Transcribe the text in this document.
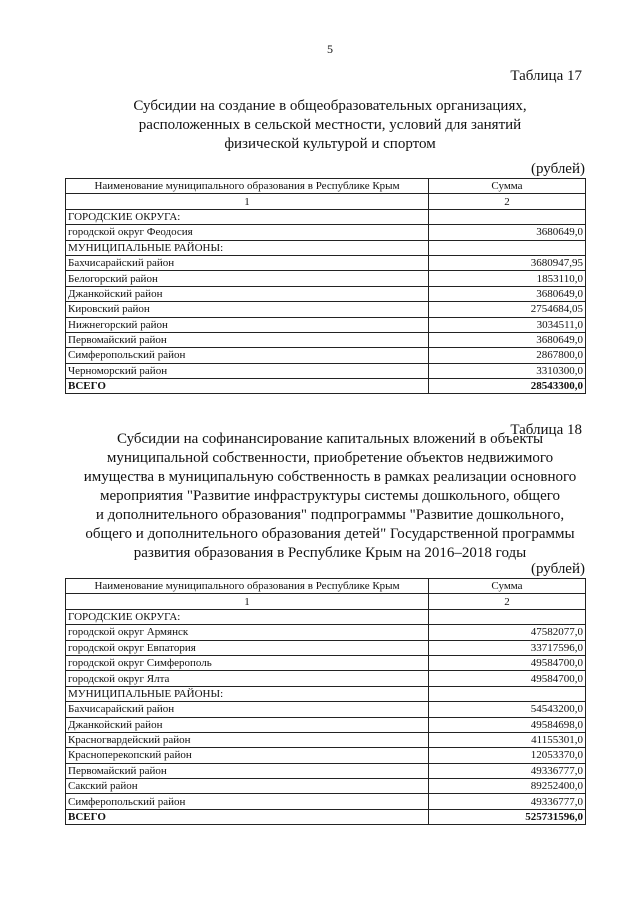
5
Таблица 17
Субсидии на создание в общеобразовательных организациях,
расположенных в сельской местности, условий для занятий
физической культурой и спортом
(рублей)
Наименование муниципального образования в Республике Крым	Сумма
1	2
ГОРОДСКИЕ ОКРУГА:	
городской округ Феодосия	3680649,0
МУНИЦИПАЛЬНЫЕ РАЙОНЫ:	
Бахчисарайский район	3680947,95
Белогорский район	1853110,0
Джанкойский район	3680649,0
Кировский район	2754684,05
Нижнегорский район	3034511,0
Первомайский район	3680649,0
Симферопольский район	2867800,0
Черноморский район	3310300,0
ВСЕГО	28543300,0
Таблица 18
Субсидии на софинансирование капитальных вложений в объекты
муниципальной собственности, приобретение объектов недвижимого
имущества в муниципальную собственность в рамках реализации основного
мероприятия "Развитие инфраструктуры системы дошкольного, общего
и дополнительного образования" подпрограммы "Развитие дошкольного,
общего и дополнительного образования детей" Государственной программы
развития образования в Республике Крым на 2016–2018 годы
(рублей)
Наименование муниципального образования в Республике Крым	Сумма
1	2
ГОРОДСКИЕ ОКРУГА:	
городской округ Армянск	47582077,0
городской округ Евпатория	33717596,0
городской округ Симферополь	49584700,0
городской округ Ялта	49584700,0
МУНИЦИПАЛЬНЫЕ РАЙОНЫ:	
Бахчисарайский район	54543200,0
Джанкойский район	49584698,0
Красногвардейский район	41155301,0
Красноперекопский район	12053370,0
Первомайский район	49336777,0
Сакский район	89252400,0
Симферопольский район	49336777,0
ВСЕГО	525731596,0
